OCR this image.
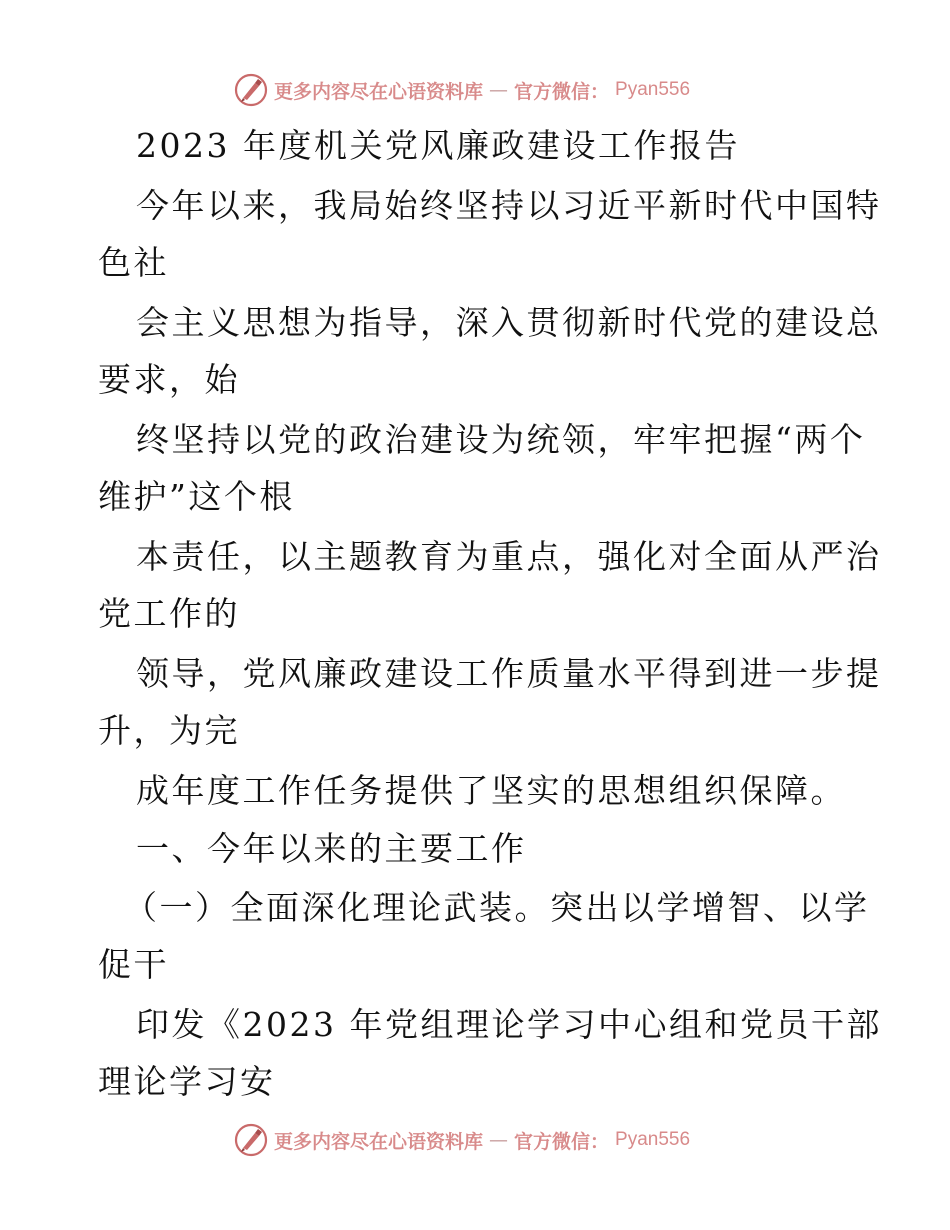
更多内容尽在心语资料库 — 官方微信： Pyan556
2023 年度机关党风廉政建设工作报告
今年以来，我局始终坚持以习近平新时代中国特
色社
会主义思想为指导，深入贯彻新时代党的建设总
要求，始
终坚持以党的政治建设为统领，牢牢把握“两个
维护”这个根
本责任，以主题教育为重点，强化对全面从严治
党工作的
领导，党风廉政建设工作质量水平得到进一步提
升，为完
成年度工作任务提供了坚实的思想组织保障。
一、今年以来的主要工作
（一）全面深化理论武装。突出以学增智、以学
促干
印发《2023 年党组理论学习中心组和党员干部
理论学习安
更多内容尽在心语资料库 — 官方微信： Pyan556
